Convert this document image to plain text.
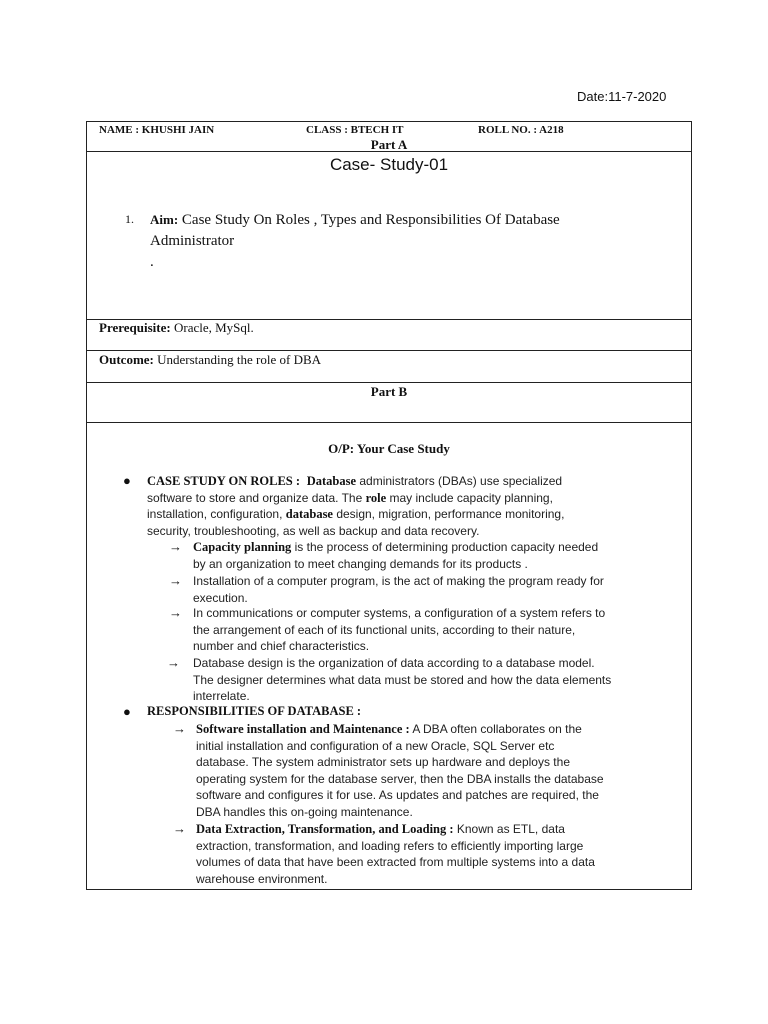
Date:11-7-2020
NAME : KHUSHI JAIN	CLASS : BTECH IT	ROLL NO. : A218
Part A
Case- Study-01
1. Aim: Case Study On Roles , Types and Responsibilities Of Database
Administrator
.
Prerequisite: Oracle, MySql.
Outcome: Understanding the role of DBA
Part B
O/P: Your Case Study
● CASE STUDY ON ROLES : Database administrators (DBAs) use specialized
software to store and organize data. The role may include capacity planning,
installation, configuration, database design, migration, performance monitoring,
security, troubleshooting, as well as backup and data recovery.
→ Capacity planning is the process of determining production capacity needed
by an organization to meet changing demands for its products .
→ Installation of a computer program, is the act of making the program ready for
execution.
→ In communications or computer systems, a configuration of a system refers to
the arrangement of each of its functional units, according to their nature,
number and chief characteristics.
→ Database design is the organization of data according to a database model.
The designer determines what data must be stored and how the data elements
interrelate.
● RESPONSIBILITIES OF DATABASE :
→ Software installation and Maintenance : A DBA often collaborates on the
initial installation and configuration of a new Oracle, SQL Server etc
database. The system administrator sets up hardware and deploys the
operating system for the database server, then the DBA installs the database
software and configures it for use. As updates and patches are required, the
DBA handles this on-going maintenance.
→ Data Extraction, Transformation, and Loading : Known as ETL, data
extraction, transformation, and loading refers to efficiently importing large
volumes of data that have been extracted from multiple systems into a data
warehouse environment.
